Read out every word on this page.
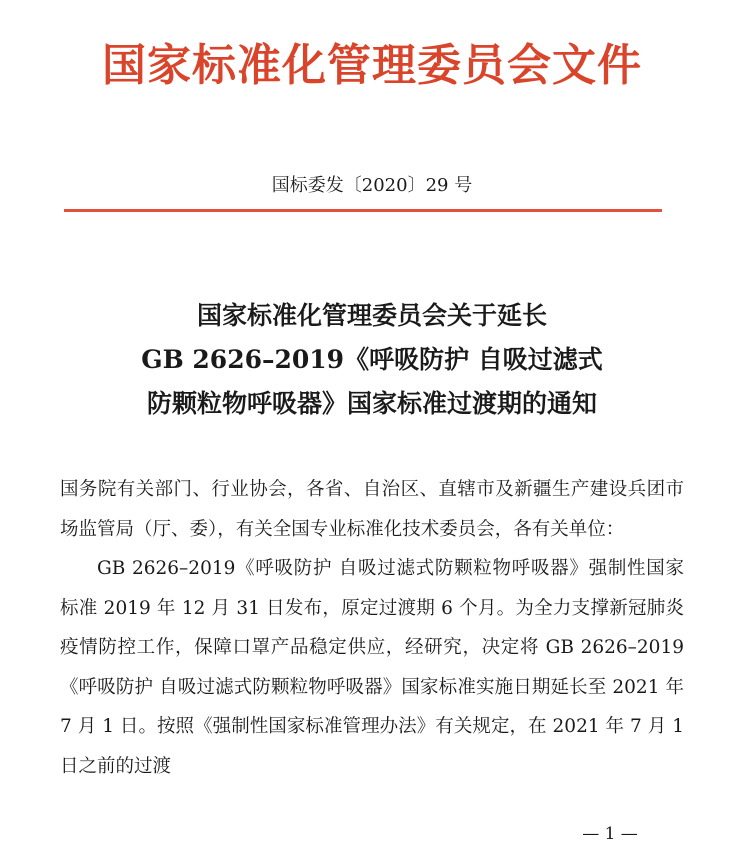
国家标准化管理委员会文件
国标委发〔2020〕29 号
国家标准化管理委员会关于延长
GB 2626–2019《呼吸防护 自吸过滤式
防颗粒物呼吸器》国家标准过渡期的通知

国务院有关部门、行业协会，各省、自治区、直辖市及新疆生产建设兵团市场监管局（厅、委），有关全国专业标准化技术委员会，各有关单位：

GB 2626–2019《呼吸防护 自吸过滤式防颗粒物呼吸器》强制性国家标准 2019 年 12 月 31 日发布，原定过渡期 6 个月。为全力支撑新冠肺炎疫情防控工作，保障口罩产品稳定供应，经研究，决定将 GB 2626–2019《呼吸防护 自吸过滤式防颗粒物呼吸器》国家标准实施日期延长至 2021 年 7 月 1 日。按照《强制性国家标准管理办法》有关规定，在 2021 年 7 月 1 日之前的过渡

— 1 —
